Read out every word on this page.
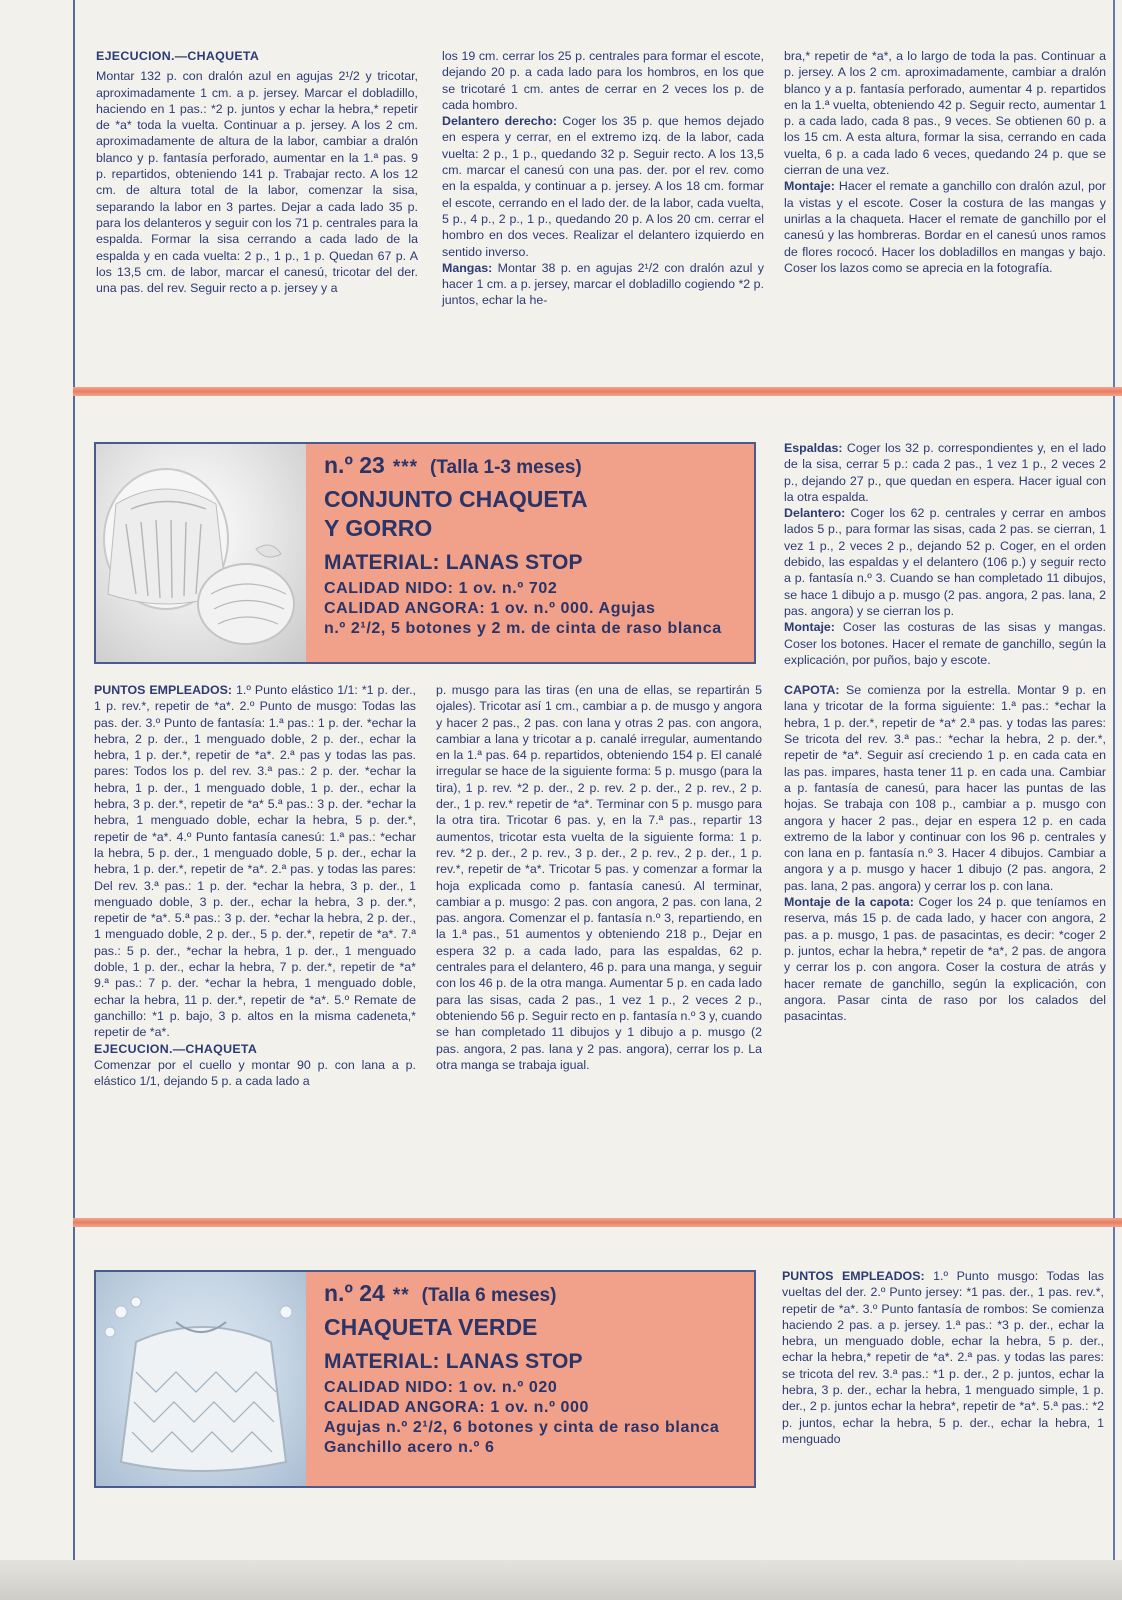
EJECUCION.—CHAQUETA

Montar 132 p. con dralón azul en agujas 2¹/2 y tricotar, aproximadamente 1 cm. a p. jersey. Marcar el dobladillo, haciendo en 1 pas.: *2 p. juntos y echar la hebra,* repetir de *a* toda la vuelta. Continuar a p. jersey. A los 2 cm. aproximadamente de altura de la labor, cambiar a dralón blanco y p. fantasía perforado, aumentar en la 1.ª pas. 9 p. repartidos, obteniendo 141 p. Trabajar recto. A los 12 cm. de altura total de la labor, comenzar la sisa, separando la labor en 3 partes. Dejar a cada lado 35 p. para los delanteros y seguir con los 71 p. centrales para la espalda. Formar la sisa cerrando a cada lado de la espalda y en cada vuelta: 2 p., 1 p., 1 p. Quedan 67 p. A los 13,5 cm. de labor, marcar el canesú, tricotar del der. una pas. del rev. Seguir recto a p. jersey y a

los 19 cm. cerrar los 25 p. centrales para formar el escote, dejando 20 p. a cada lado para los hombros, en los que se tricotaré 1 cm. antes de cerrar en 2 veces los p. de cada hombro.

Delantero derecho: Coger los 35 p. que hemos dejado en espera y cerrar, en el extremo izq. de la labor, cada vuelta: 2 p., 1 p., quedando 32 p. Seguir recto. A los 13,5 cm. marcar el canesú con una pas. der. por el rev. como en la espalda, y continuar a p. jersey. A los 18 cm. formar el escote, cerrando en el lado der. de la labor, cada vuelta, 5 p., 4 p., 2 p., 1 p., quedando 20 p. A los 20 cm. cerrar el hombro en dos veces. Realizar el delantero izquierdo en sentido inverso.

Mangas: Montar 38 p. en agujas 2¹/2 con dralón azul y hacer 1 cm. a p. jersey, marcar el dobladillo cogiendo *2 p. juntos, echar la he-

bra,* repetir de *a*, a lo largo de toda la pas. Continuar a p. jersey. A los 2 cm. aproximadamente, cambiar a dralón blanco y a p. fantasía perforado, aumentar 4 p. repartidos en la 1.ª vuelta, obteniendo 42 p. Seguir recto, aumentar 1 p. a cada lado, cada 8 pas., 9 veces. Se obtienen 60 p. a los 15 cm. A esta altura, formar la sisa, cerrando en cada vuelta, 6 p. a cada lado 6 veces, quedando 24 p. que se cierran de una vez.

Montaje: Hacer el remate a ganchillo con dralón azul, por la vistas y el escote. Coser la costura de las mangas y unirlas a la chaqueta. Hacer el remate de ganchillo por el canesú y las hombreras. Bordar en el canesú unos ramos de flores rococó. Hacer los dobladillos en mangas y bajo. Coser los lazos como se aprecia en la fotografía.

n.º 23 *** (Talla 1-3 meses)
CONJUNTO CHAQUETA
Y GORRO
MATERIAL: LANAS STOP
CALIDAD NIDO: 1 ov. n.º 702
CALIDAD ANGORA: 1 ov. n.º 000. Agujas
n.º 2¹/2, 5 botones y 2 m. de cinta de raso blanca

PUNTOS EMPLEADOS: 1.º Punto elástico 1/1: *1 p. der., 1 p. rev.*, repetir de *a*. 2.º Punto de musgo: Todas las pas. der. 3.º Punto de fantasía: 1.ª pas.: 1 p. der. *echar la hebra, 2 p. der., 1 menguado doble, 2 p. der., echar la hebra, 1 p. der.*, repetir de *a*. 2.ª pas y todas las pas. pares: Todos los p. del rev. 3.ª pas.: 2 p. der. *echar la hebra, 1 p. der., 1 menguado doble, 1 p. der., echar la hebra, 3 p. der.*, repetir de *a* 5.ª pas.: 3 p. der. *echar la hebra, 1 menguado doble, echar la hebra, 5 p. der.*, repetir de *a*. 4.º Punto fantasía canesú: 1.ª pas.: *echar la hebra, 5 p. der., 1 menguado doble, 5 p. der., echar la hebra, 1 p. der.*, repetir de *a*. 2.ª pas. y todas las pares: Del rev. 3.ª pas.: 1 p. der. *echar la hebra, 3 p. der., 1 menguado doble, 3 p. der., echar la hebra, 3 p. der.*, repetir de *a*. 5.ª pas.: 3 p. der. *echar la hebra, 2 p. der., 1 menguado doble, 2 p. der., 5 p. der.*, repetir de *a*. 7.ª pas.: 5 p. der., *echar la hebra, 1 p. der., 1 menguado doble, 1 p. der., echar la hebra, 7 p. der.*, repetir de *a* 9.ª pas.: 7 p. der. *echar la hebra, 1 menguado doble, echar la hebra, 11 p. der.*, repetir de *a*. 5.º Remate de ganchillo: *1 p. bajo, 3 p. altos en la misma cadeneta,* repetir de *a*.

EJECUCION.—CHAQUETA

Comenzar por el cuello y montar 90 p. con lana a p. elástico 1/1, dejando 5 p. a cada lado a

p. musgo para las tiras (en una de ellas, se repartirán 5 ojales). Tricotar así 1 cm., cambiar a p. de musgo y angora y hacer 2 pas., 2 pas. con lana y otras 2 pas. con angora, cambiar a lana y tricotar a p. canalé irregular, aumentando en la 1.ª pas. 64 p. repartidos, obteniendo 154 p. El canalé irregular se hace de la siguiente forma: 5 p. musgo (para la tira), 1 p. rev. *2 p. der., 2 p. rev. 2 p. der., 2 p. rev., 2 p. der., 1 p. rev.* repetir de *a*. Terminar con 5 p. musgo para la otra tira. Tricotar 6 pas. y, en la 7.ª pas., repartir 13 aumentos, tricotar esta vuelta de la siguiente forma: 1 p. rev. *2 p. der., 2 p. rev., 3 p. der., 2 p. rev., 2 p. der., 1 p. rev.*, repetir de *a*. Tricotar 5 pas. y comenzar a formar la hoja explicada como p. fantasía canesú. Al terminar, cambiar a p. musgo: 2 pas. con angora, 2 pas. con lana, 2 pas. angora. Comenzar el p. fantasía n.º 3, repartiendo, en la 1.ª pas., 51 aumentos y obteniendo 218 p., Dejar en espera 32 p. a cada lado, para las espaldas, 62 p. centrales para el delantero, 46 p. para una manga, y seguir con los 46 p. de la otra manga. Aumentar 5 p. en cada lado para las sisas, cada 2 pas., 1 vez 1 p., 2 veces 2 p., obteniendo 56 p. Seguir recto en p. fantasía n.º 3 y, cuando se han completado 11 dibujos y 1 dibujo a p. musgo (2 pas. angora, 2 pas. lana y 2 pas. angora), cerrar los p. La otra manga se trabaja igual.

Espaldas: Coger los 32 p. correspondientes y, en el lado de la sisa, cerrar 5 p.: cada 2 pas., 1 vez 1 p., 2 veces 2 p., dejando 27 p., que quedan en espera. Hacer igual con la otra espalda.

Delantero: Coger los 62 p. centrales y cerrar en ambos lados 5 p., para formar las sisas, cada 2 pas. se cierran, 1 vez 1 p., 2 veces 2 p., dejando 52 p. Coger, en el orden debido, las espaldas y el delantero (106 p.) y seguir recto a p. fantasía n.º 3. Cuando se han completado 11 dibujos, se hace 1 dibujo a p. musgo (2 pas. angora, 2 pas. lana, 2 pas. angora) y se cierran los p.

Montaje: Coser las costuras de las sisas y mangas. Coser los botones. Hacer el remate de ganchillo, según la explicación, por puños, bajo y escote.

CAPOTA: Se comienza por la estrella. Montar 9 p. en lana y tricotar de la forma siguiente: 1.ª pas.: *echar la hebra, 1 p. der.*, repetir de *a* 2.ª pas. y todas las pares: Se tricota del rev. 3.ª pas.: *echar la hebra, 2 p. der.*, repetir de *a*. Seguir así creciendo 1 p. en cada cata en las pas. impares, hasta tener 11 p. en cada una. Cambiar a p. fantasía de canesú, para hacer las puntas de las hojas. Se trabaja con 108 p., cambiar a p. musgo con angora y hacer 2 pas., dejar en espera 12 p. en cada extremo de la labor y continuar con los 96 p. centrales y con lana en p. fantasía n.º 3. Hacer 4 dibujos. Cambiar a angora y a p. musgo y hacer 1 dibujo (2 pas. angora, 2 pas. lana, 2 pas. angora) y cerrar los p. con lana.

Montaje de la capota: Coger los 24 p. que teníamos en reserva, más 15 p. de cada lado, y hacer con angora, 2 pas. a p. musgo, 1 pas. de pasacintas, es decir: *coger 2 p. juntos, echar la hebra,* repetir de *a*, 2 pas. de angora y cerrar los p. con angora. Coser la costura de atrás y hacer remate de ganchillo, según la explicación, con angora. Pasar cinta de raso por los calados del pasacintas.

n.º 24 ** (Talla 6 meses)
CHAQUETA VERDE
MATERIAL: LANAS STOP
CALIDAD NIDO: 1 ov. n.º 020
CALIDAD ANGORA: 1 ov. n.º 000
Agujas n.º 2¹/2, 6 botones y cinta de raso blanca
Ganchillo acero n.º 6

PUNTOS EMPLEADOS: 1.º Punto musgo: Todas las vueltas del der. 2.º Punto jersey: *1 pas. der., 1 pas. rev.*, repetir de *a*. 3.º Punto fantasía de rombos: Se comienza haciendo 2 pas. a p. jersey. 1.ª pas.: *3 p. der., echar la hebra, un menguado doble, echar la hebra, 5 p. der., echar la hebra,* repetir de *a*. 2.ª pas. y todas las pares: se tricota del rev. 3.ª pas.: *1 p. der., 2 p. juntos, echar la hebra, 3 p. der., echar la hebra, 1 menguado simple, 1 p. der., 2 p. juntos echar la hebra*, repetir de *a*. 5.ª pas.: *2 p. juntos, echar la hebra, 5 p. der., echar la hebra, 1 menguado
